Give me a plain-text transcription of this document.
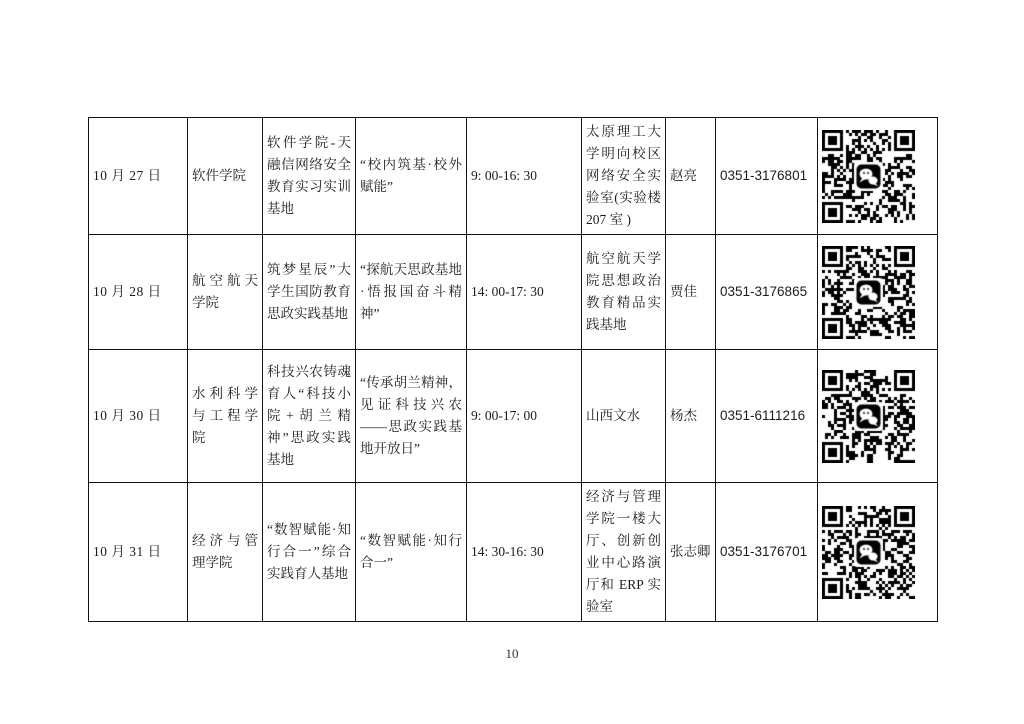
10 月 27 日	软件学院	软件学院-天融信网络安全教育实习实训基地	“校内筑基·校外赋能”	9: 00-16: 30	太原理工大学明向校区网络安全实验室(实验楼 207 室 )	赵亮	0351-3176801	
10 月 28 日	航空航天学院	筑梦星辰”大学生国防教育思政实践基地	“探航天思政基地·悟报国奋斗精神”	14: 00-17: 30	航空航天学院思想政治教育精品实践基地	贾佳	0351-3176865	
10 月 30 日	水利科学与工程学院	科技兴农铸魂育人“科技小院+胡兰精神”思政实践基地	“传承胡兰精神，见证科技兴农——思政实践基地开放日”	9: 00-17: 00	山西文水	杨杰	0351-6111216	
10 月 31 日	经济与管理学院	“数智赋能·知行合一”综合实践育人基地	“数智赋能·知行合一”	14: 30-16: 30	经济与管理学院一楼大厅、创新创业中心路演厅和 ERP 实验室	张志卿	0351-3176701	
10
